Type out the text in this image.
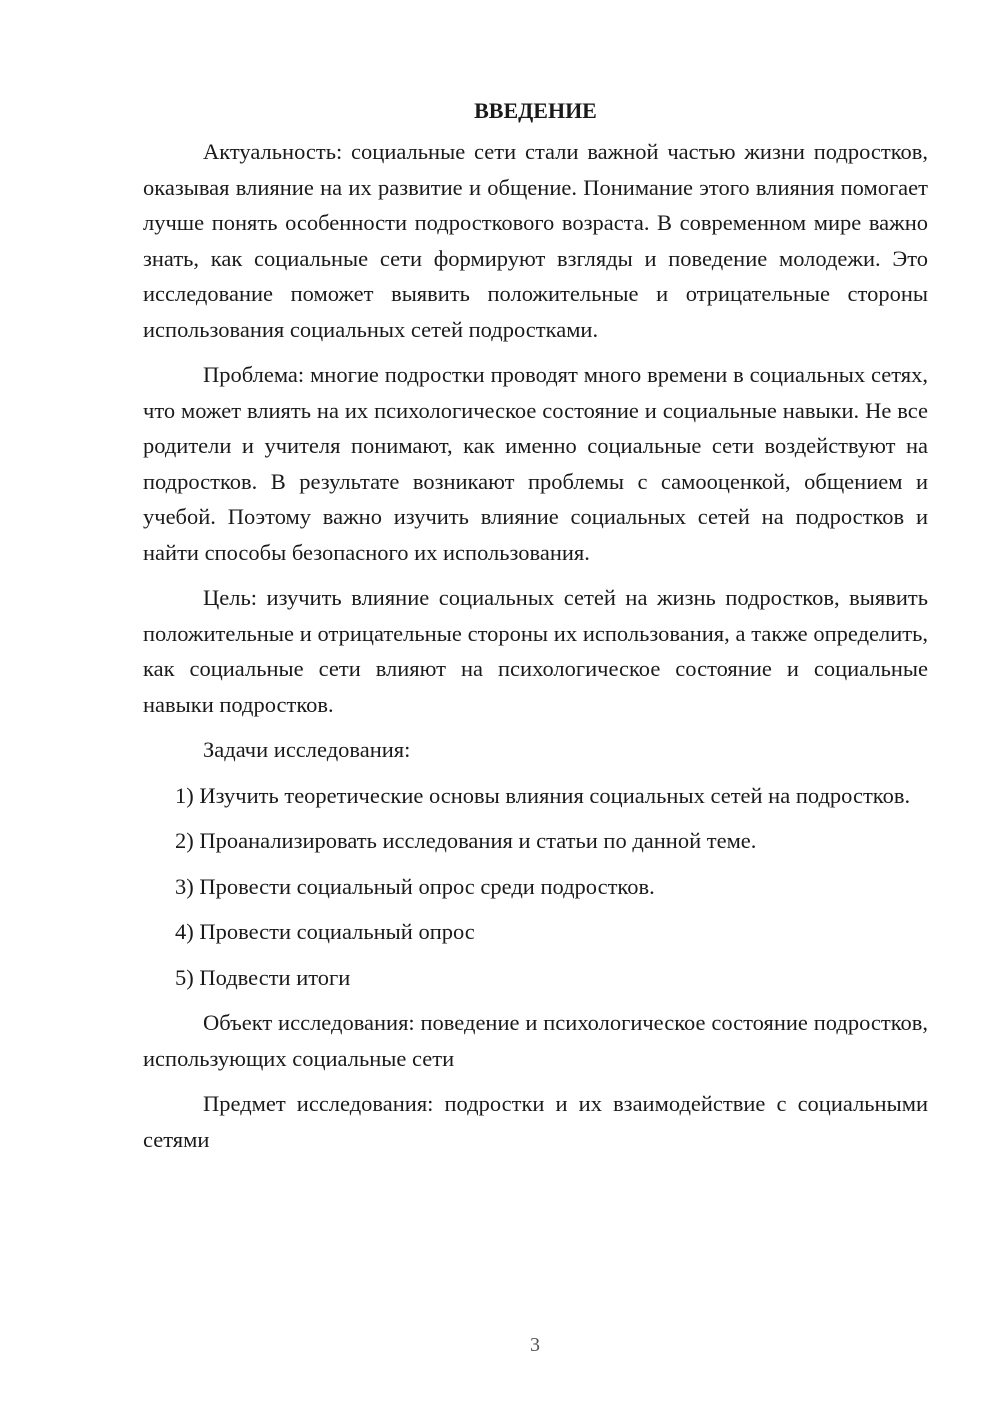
ВВЕДЕНИЕ

Актуальность: социальные сети стали важной частью жизни подростков, оказывая влияние на их развитие и общение. Понимание этого влияния помогает лучше понять особенности подросткового возраста. В современном мире важно знать, как социальные сети формируют взгляды и поведение молодежи. Это исследование поможет выявить положительные и отрицательные стороны использования социальных сетей подростками.

Проблема: многие подростки проводят много времени в социальных сетях, что может влиять на их психологическое состояние и социальные навыки. Не все родители и учителя понимают, как именно социальные сети воздействуют на подростков. В результате возникают проблемы с самооценкой, общением и учебой. Поэтому важно изучить влияние социальных сетей на подростков и найти способы безопасного их использования.

Цель: изучить влияние социальных сетей на жизнь подростков, выявить положительные и отрицательные стороны их использования, а также определить, как социальные сети влияют на психологическое состояние и социальные навыки подростков.

Задачи исследования:

1) Изучить теоретические основы влияния социальных сетей на подростков.

2) Проанализировать исследования и статьи по данной теме.

3) Провести социальный опрос среди подростков.

4) Провести социальный опрос

5) Подвести итоги

Объект исследования: поведение и психологическое состояние подростков, использующих социальные сети

Предмет исследования: подростки и их взаимодействие с социальными сетями

3
